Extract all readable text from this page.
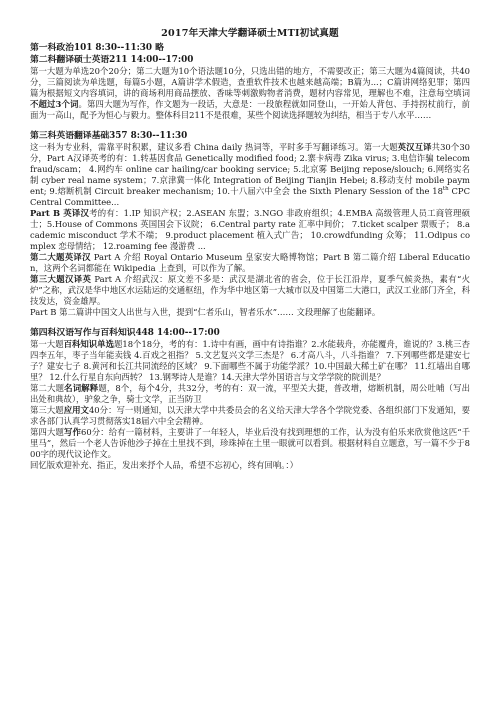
2017年天津大学翻译硕士MTI初试真题
第一科政治101 8:30--11:30 略
第二科翻译硕士英语211 14:00--17:00

第一大题为单选20个20分；第二大题为10个语法题10分，只选出错的地方，不需要改正；第三大题为4篇阅读，共40分，三篇阅读为单选题，每篇5小题，A篇讲学术假造，查重软件技术也越来越高端；B篇为...；C篇讲网络犯罪；第四篇为根据短文内容填词，讲的商场利用商品摆放、香味等刺激购物者消费，题材内容常见，理解也不难，注意每空填词不超过3个词。第四大题为写作，作文题为一段话，大意是：一段旅程就如同登山，一开始人背包、手持拐杖前行，前面为一高山，配予为恒心与毅力。整体科目211不是很难，某些个阅读选择题较为纠结，相当于专八水平……

第三科英语翻译基础357 8:30--11:30

这一科为专业科，需靠平时积累，建议多看 China daily 热词等，平时多手写翻译练习。第一大题英汉互译共30个30分，Part A汉译英考的有：1.转基因食品 Genetically modified food; 2.寨卡病毒 Zika virus; 3.电信诈骗 telecom fraud/scam； 4.网约车 online car hailing/car booking service; 5.北京雾 Beijing repose/slouch; 6.网络实名制 cyber real name system；7.京津冀一体化 Integration of Beijing Tianjin Hebei; 8.移动支付 mobile payment; 9.熔断机制 Circuit breaker mechanism; 10.十八届六中全会 the Sixth Plenary Session of the 18th CPC Central Committee...

Part B 英译汉考的有：1.IP 知识产权；2.ASEAN 东盟；3.NGO 非政府组织；4.EMBA 高级管理人员工商管理硕士；5.House of Commons 英国国会下议院； 6.Central party rate 汇率中间价； 7.ticket scalper 票贩子； 8.academic misconduct 学术不端； 9.product placement 植入式广告； 10.crowdfunding 众筹； 11.Odipus complex 恋母情结； 12.roaming fee 漫游费 ...

第二大题英译汉 Part A 介绍 Royal Ontario Museum 皇家安大略博物馆；Part B 第二篇介绍 Liberal Education，这两个名词都能在 Wikipedia 上查到，可以作为了解。

第三大题汉译英 Part A 介绍武汉：原文差不多是：武汉是湖北省的省会，位于长江沿岸，夏季气候炎热，素有“火炉”之称，武汉是华中地区水运陆运的交通枢纽，作为华中地区第一大城市以及中国第二大港口，武汉工业部门齐全，科技发达，资金雄厚。

Part B 第二篇讲中国文人出世与入世，提到“仁者乐山，智者乐水”…… 文段理解了也能翻译。

第四科汉语写作与百科知识448 14:00--17:00

第一大题百科知识单选题18个18分，考的有：1.诗中有画，画中有诗指谁？2.水能载舟，亦能覆舟，谁说的？3.桃三杏四李五年，枣子当年能卖钱 4.百戏之祖指？ 5.文艺复兴文学三杰是？ 6.才高八斗，八斗指谁？ 7.下列哪些都是建安七子？建安七子 8.黄河和长江共同流经的区域？ 9.下面哪些不属于功能学派？10.中国最大稀土矿在哪？ 11.红墙出自哪里？ 12.什么行星自东向西转？ 13.钢琴诗人是谁？14.天津大学外国语言与文学学院的院训是？

第二大题名词解释题，8个，每个4分，共32分，考的有：双一流，平型关大捷，普改增，熔断机制，周公吐哺（写出出处和典故），驴象之争，骑士文学，正当防卫

第三大题应用文40分：写一则通知，以天津大学中共委员会的名义给天津大学各个学院党委、各组织部门下发通知，要求各部门认真学习贯彻落实18届六中全会精神。

第四大题写作60分：给有一篇材料，主要讲了一年轻人，毕业后没有找到理想的工作，认为没有伯乐来欣赏他这匹“千里马”，然后一个老人告诉他沙子掉在土里找不到，珍珠掉在土里一眼就可以看到。根据材料自立题意，写一篇不少于800字的现代议论作文。

回忆版欢迎补充、指正，发出来抒个人品，希望不忘初心，终有回响。：）
